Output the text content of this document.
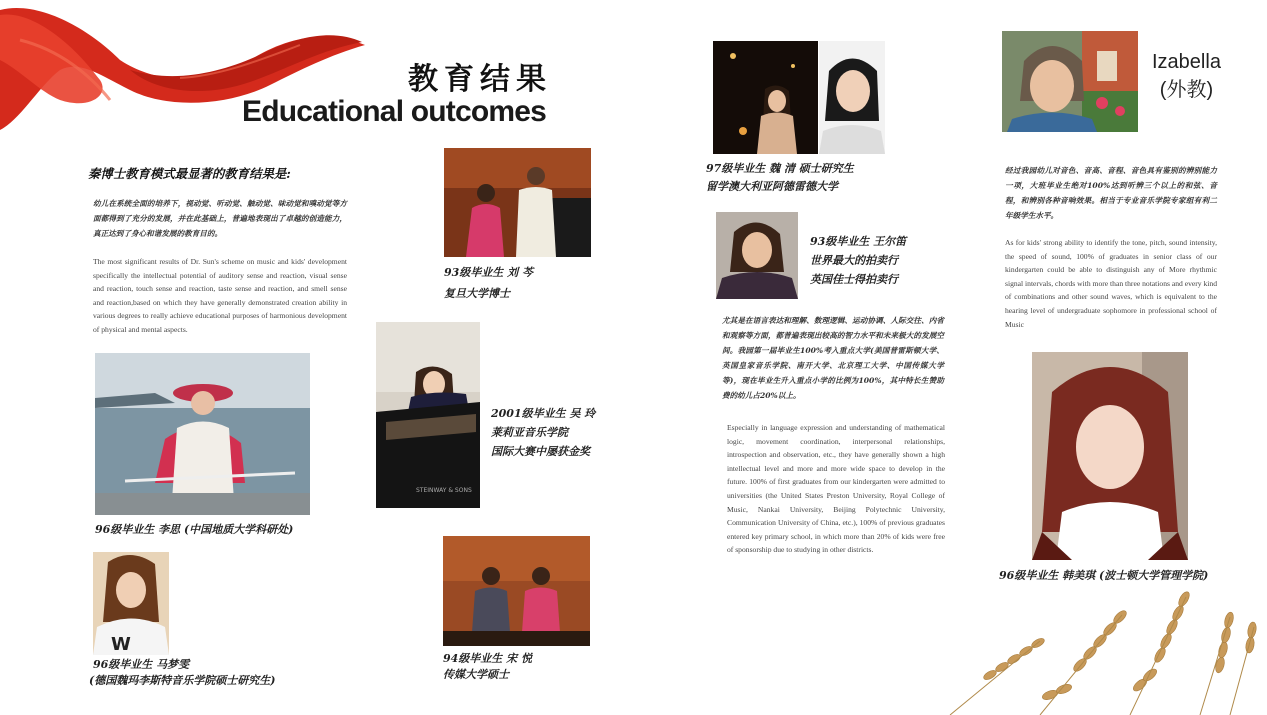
教育结果
Educational outcomes
秦博士教育模式最显著的教育结果是:
幼儿在系统全面的培养下，视动觉、听动觉、触动觉、味动觉和嗅动觉等方面都得到了充分的发展，并在此基础上，普遍地表现出了卓越的创造能力，真正达到了身心和谐发展的教育目的。
The most significant results of Dr. Sun's scheme on music and kids' development specifically the intellectual potential of auditory sense and reaction, visual sense and reaction, touch sense and reaction, taste sense and reaction, and smell sense and reaction,based on which they have generally demonstrated creation ability in various degrees to really achieve educational purposes of harmonious development of physical and mental aspects.
93级毕业生 刘 芩
复旦大学博士
96级毕业生 李思 (中国地质大学科研处)
W
96级毕业生 马梦雯
(德国魏玛李斯特音乐学院硕士研究生)
STEINWAY & SONS
2001级毕业生 吴 玲
莱莉亚音乐学院
国际大赛中屡获金奖
94级毕业生 宋 悦
传媒大学硕士
97级毕业生 魏 清 硕士研究生
留学澳大利亚阿德雷德大学
93级毕业生 王尔笛
世界最大的拍卖行
英国佳士得拍卖行
尤其是在语言表达和理解、数理逻辑、运动协调、人际交往、内省和观察等方面，都普遍表现出较高的智力水平和未来极大的发展空间。我园第一届毕业生100%考入重点大学(美国普雷斯顿大学、英国皇家音乐学院、南开大学、北京理工大学、中国传媒大学等)，现在毕业生升入重点小学的比例为100%，其中特长生赞助费的幼儿占20%以上。
Especially in language expression and understanding of mathematical logic, movement coordination, interpersonal relationships, introspection and observation, etc., they have generally shown a high intellectual level and more and more wide space to develop in the future. 100% of first graduates from our kindergarten were admitted to universities (the United States Preston University, Royal College of Music, Nankai University, Beijing Polytechnic University, Communication University of China, etc.), 100% of previous graduates entered key primary school, in which more than 20% of kids were free of sponsorship due to studying in other districts.
Izabella
(外教)
经过我园幼儿对音色、音高、音程、音色具有鉴别的辨别能力一项，大班毕业生绝对100%达到听辨三个以上的和弦、音程，和辨别各种音响效果。相当于专业音乐学院专家组有利二年级学生水平。
As for kids' strong ability to identify the tone, pitch, sound intensity, the speed of sound, 100% of graduates in senior class of our kindergarten could be able to distinguish any of More rhythmic signal intervals, chords with more than three notations and every kind of combinations and other sound waves, which is equivalent to the hearing level of undergraduate sophomore in professional school of Music
96级毕业生 韩美琪 (波士顿大学管理学院)
